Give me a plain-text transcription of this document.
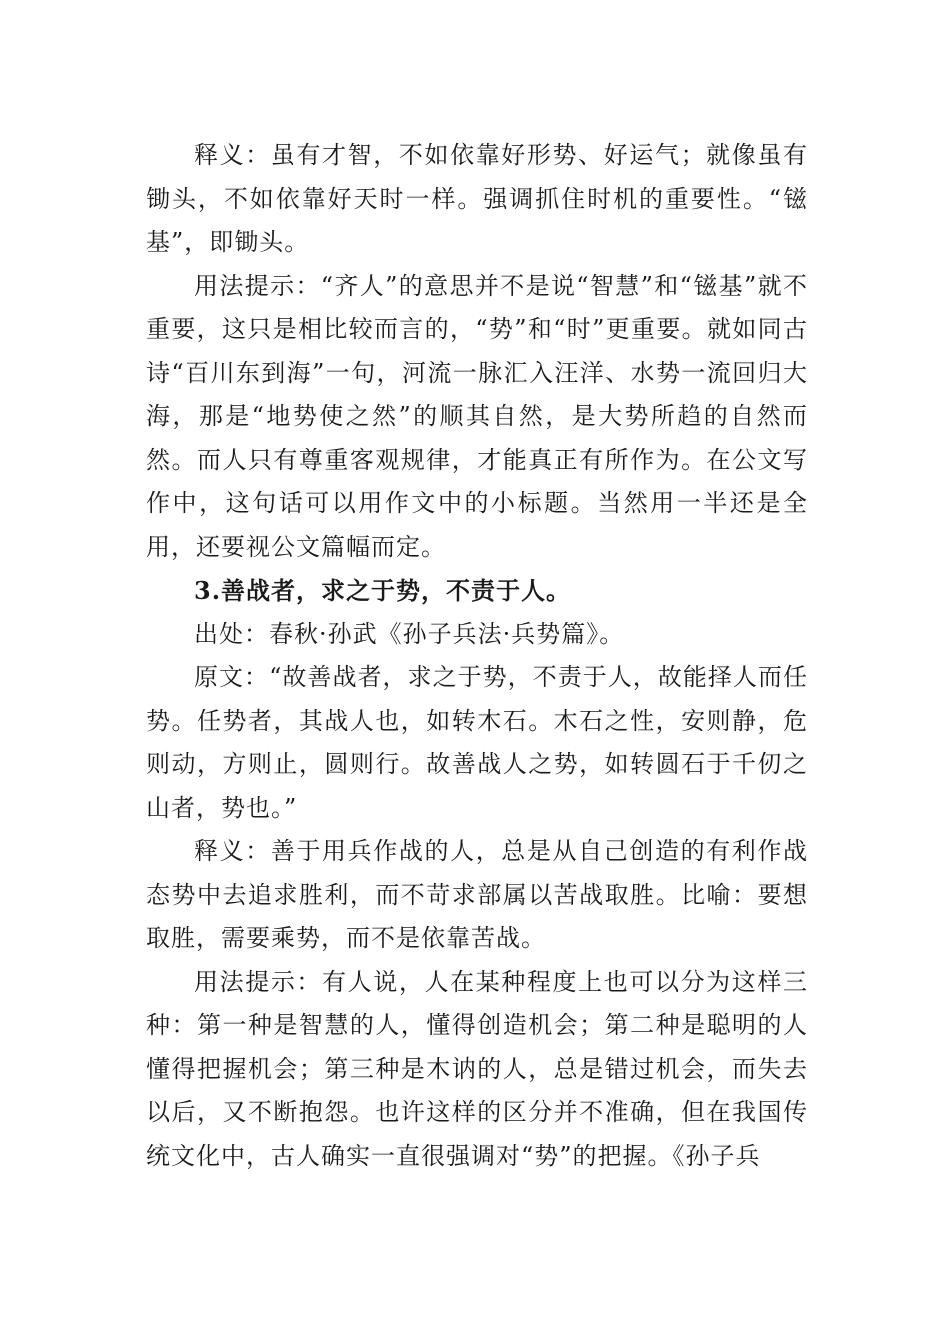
释义：虽有才智，不如依靠好形势、好运气；就像虽有锄头，不如依靠好天时一样。强调抓住时机的重要性。“镃基”，即锄头。

用法提示：“齐人”的意思并不是说“智慧”和“镃基”就不重要，这只是相比较而言的，“势”和“时”更重要。就如同古诗“百川东到海”一句，河流一脉汇入汪洋、水势一流回归大海，那是“地势使之然”的顺其自然，是大势所趋的自然而然。而人只有尊重客观规律，才能真正有所作为。在公文写作中，这句话可以用作文中的小标题。当然用一半还是全用，还要视公文篇幅而定。

3.善战者，求之于势，不责于人。

出处：春秋·孙武《孙子兵法·兵势篇》。

原文：“故善战者，求之于势，不责于人，故能择人而任势。任势者，其战人也，如转木石。木石之性，安则静，危则动，方则止，圆则行。故善战人之势，如转圆石于千仞之山者，势也。”

释义：善于用兵作战的人，总是从自己创造的有利作战态势中去追求胜利，而不苛求部属以苦战取胜。比喻：要想取胜，需要乘势，而不是依靠苦战。

用法提示：有人说，人在某种程度上也可以分为这样三种：第一种是智慧的人，懂得创造机会；第二种是聪明的人懂得把握机会；第三种是木讷的人，总是错过机会，而失去以后，又不断抱怨。也许这样的区分并不准确，但在我国传统文化中，古人确实一直很强调对“势”的把握。《孙子兵
